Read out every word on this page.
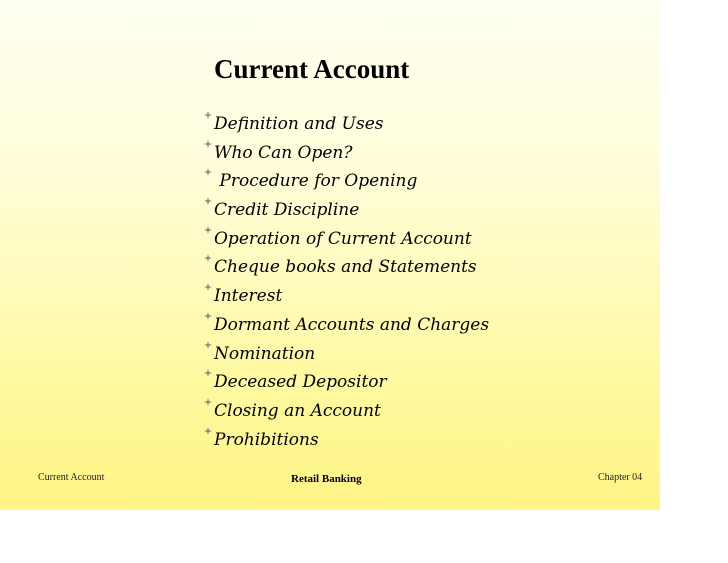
Current Account
Definition and Uses
Who Can Open?
Procedure for Opening
Credit Discipline
Operation of Current Account
Cheque books and Statements
Interest
Dormant Accounts and Charges
Nomination
Deceased Depositor
Closing an Account
Prohibitions
Current Account	Retail Banking	Chapter 04
